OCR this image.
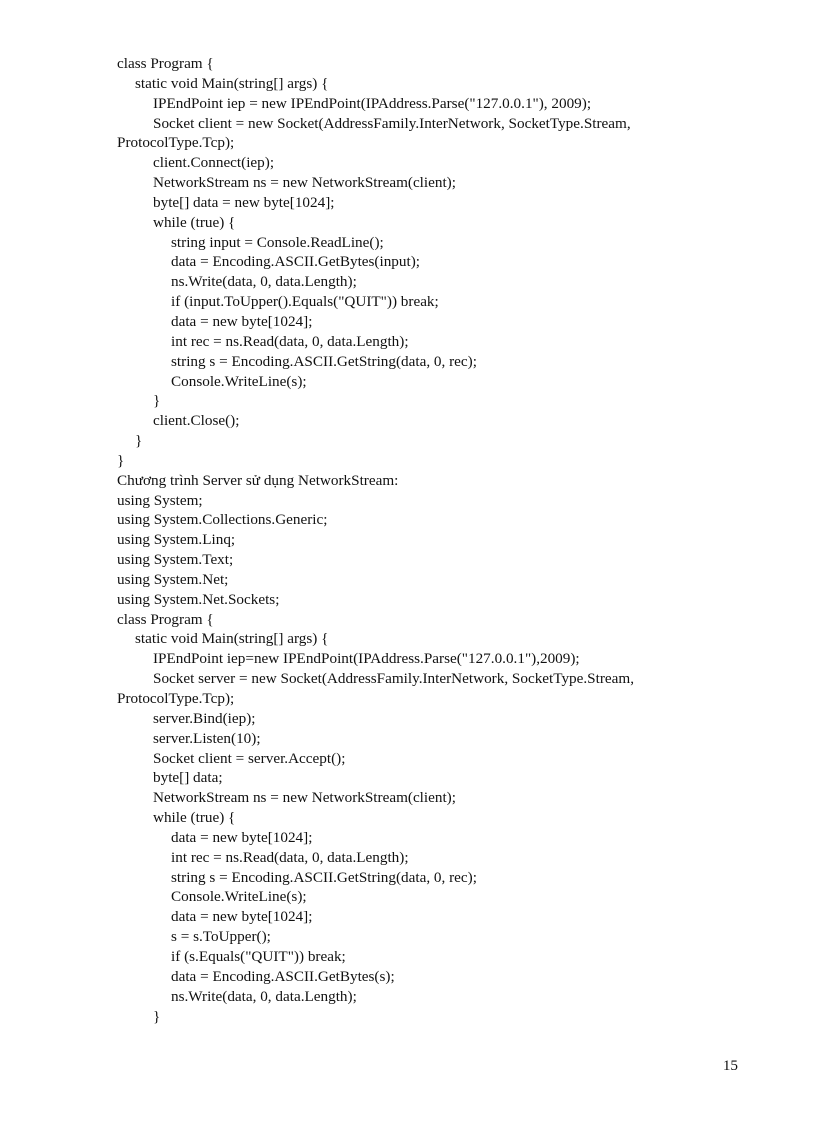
class Program {
static void Main(string[] args) {
IPEndPoint iep = new IPEndPoint(IPAddress.Parse("127.0.0.1"), 2009);
Socket client = new Socket(AddressFamily.InterNetwork, SocketType.Stream,
ProtocolType.Tcp);
client.Connect(iep);
NetworkStream ns = new NetworkStream(client);
byte[] data = new byte[1024];
while (true) {
string input = Console.ReadLine();
data = Encoding.ASCII.GetBytes(input);
ns.Write(data, 0, data.Length);
if (input.ToUpper().Equals("QUIT")) break;
data = new byte[1024];
int rec = ns.Read(data, 0, data.Length);
string s = Encoding.ASCII.GetString(data, 0, rec);
Console.WriteLine(s);
}
client.Close();
}
}
Chương trình Server sử dụng NetworkStream:
using System;
using System.Collections.Generic;
using System.Linq;
using System.Text;
using System.Net;
using System.Net.Sockets;
class Program {
static void Main(string[] args) {
IPEndPoint iep=new IPEndPoint(IPAddress.Parse("127.0.0.1"),2009);
Socket server = new Socket(AddressFamily.InterNetwork, SocketType.Stream,
ProtocolType.Tcp);
server.Bind(iep);
server.Listen(10);
Socket client = server.Accept();
byte[] data;
NetworkStream ns = new NetworkStream(client);
while (true) {
data = new byte[1024];
int rec = ns.Read(data, 0, data.Length);
string s = Encoding.ASCII.GetString(data, 0, rec);
Console.WriteLine(s);
data = new byte[1024];
s = s.ToUpper();
if (s.Equals("QUIT")) break;
data = Encoding.ASCII.GetBytes(s);
ns.Write(data, 0, data.Length);
}
15
